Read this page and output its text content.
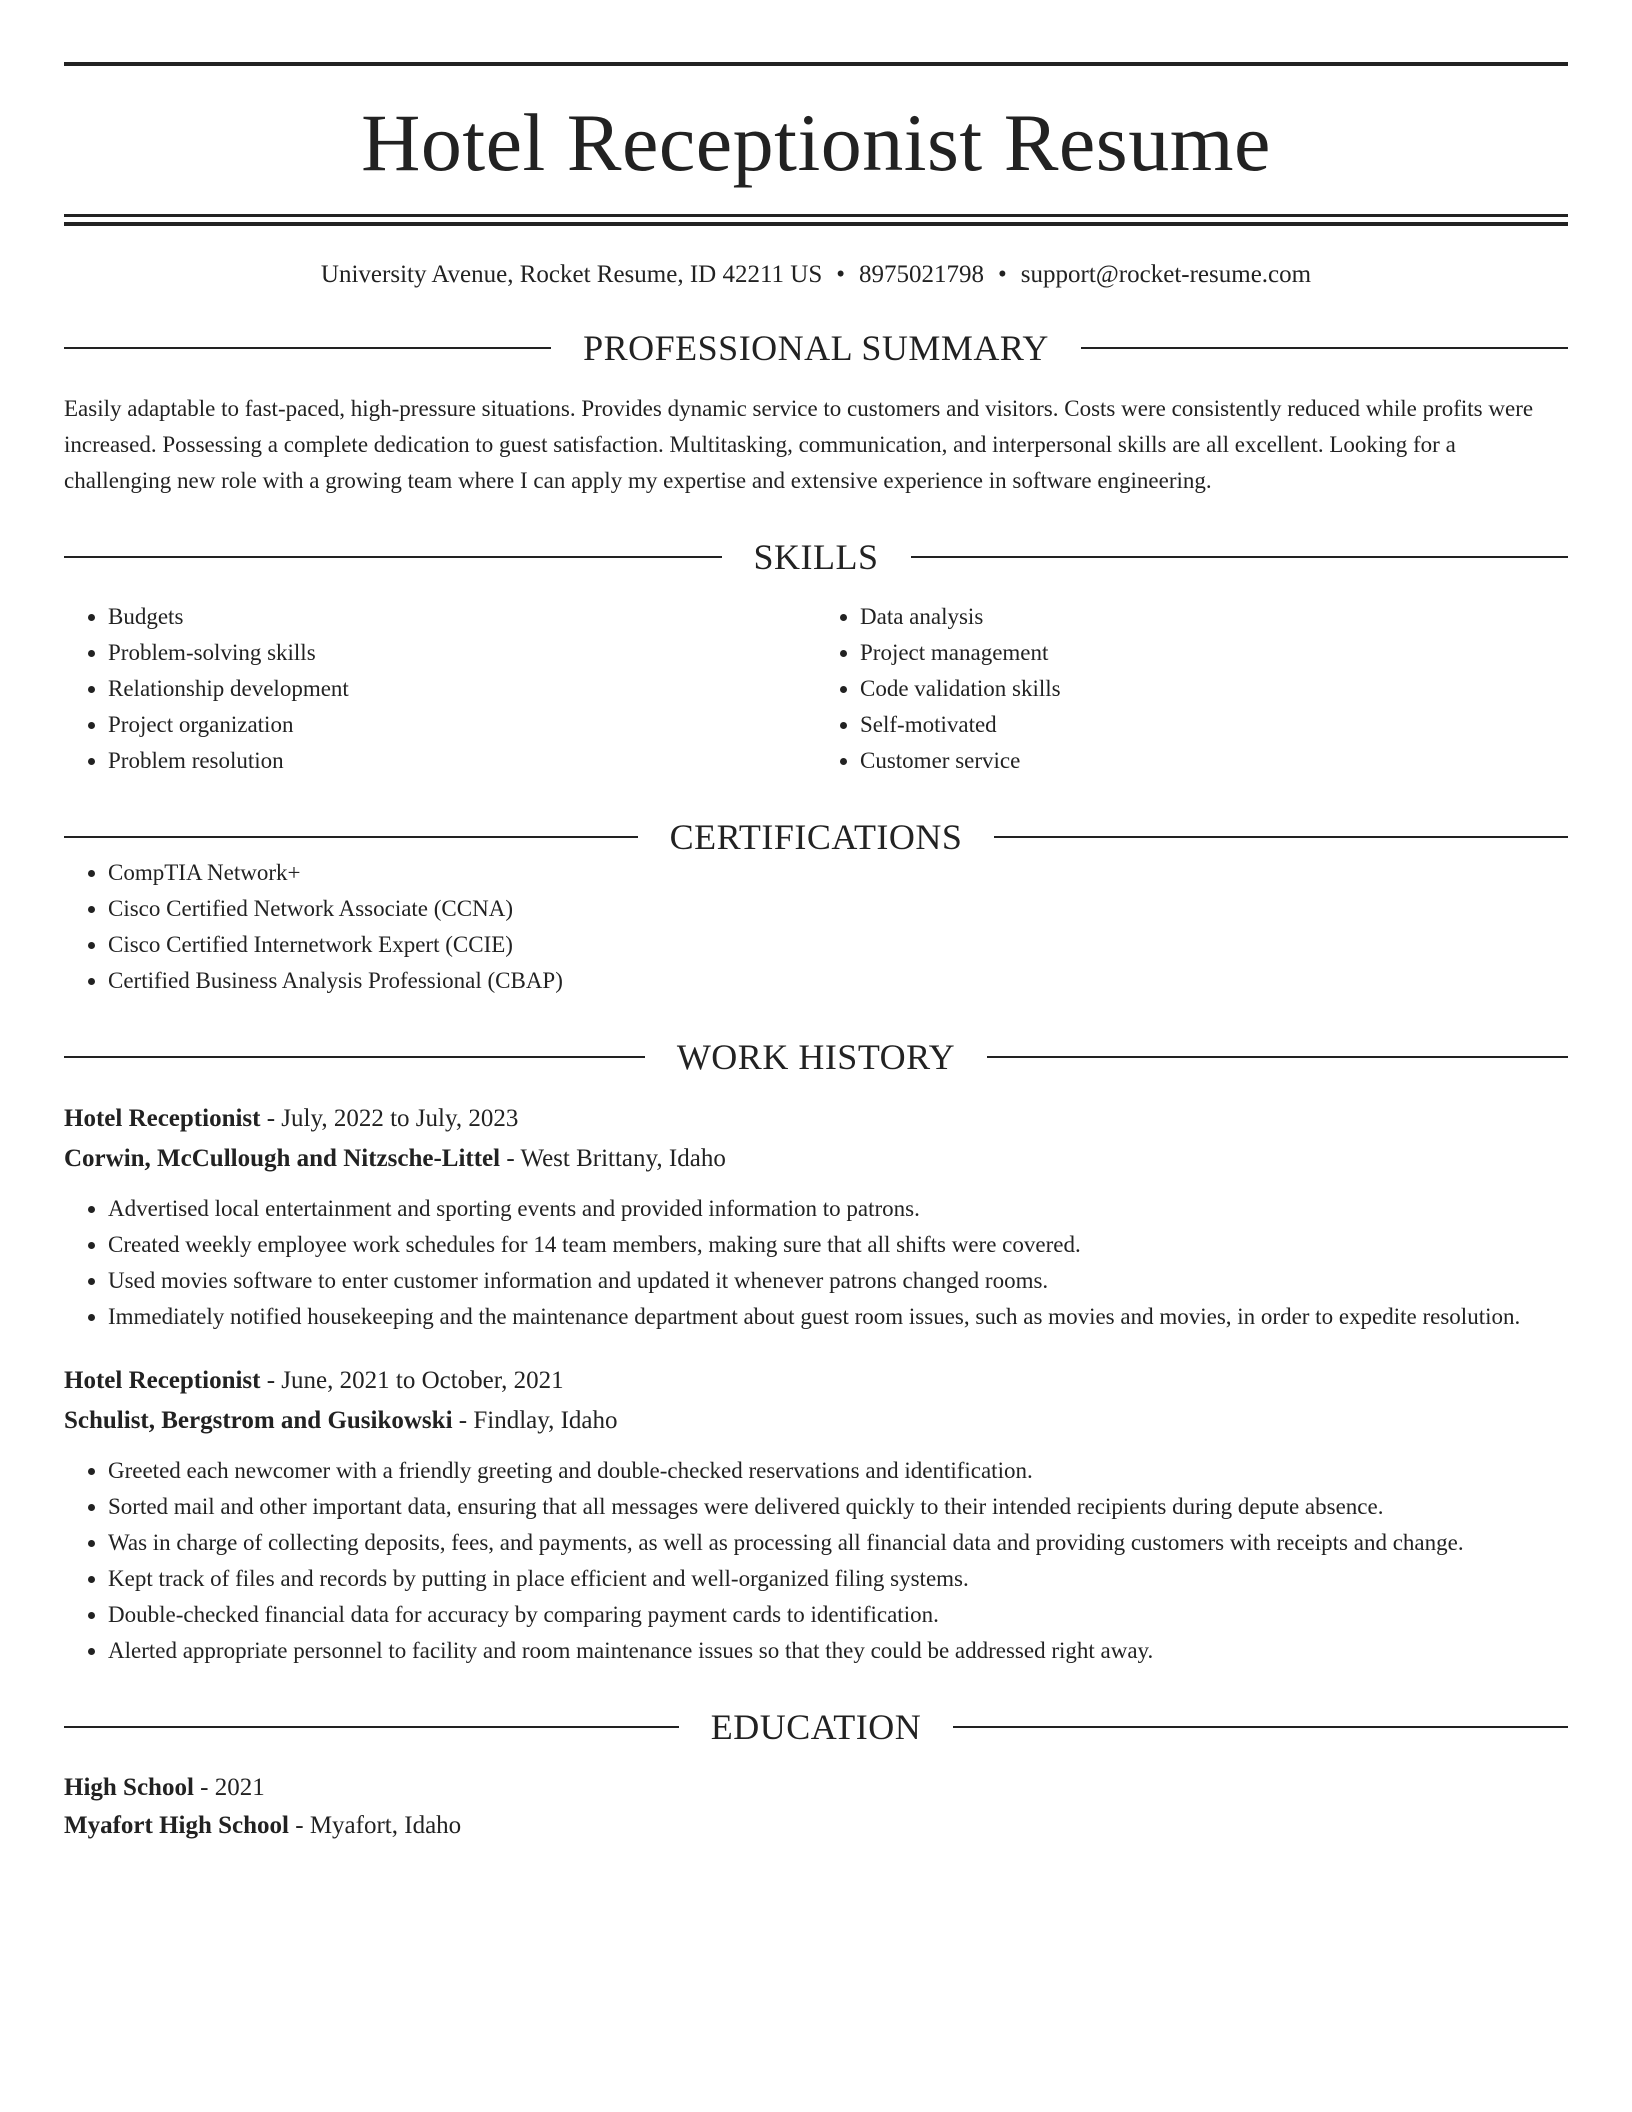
Hotel Receptionist Resume
University Avenue, Rocket Resume, ID 42211 US • 8975021798 • support@rocket-resume.com
PROFESSIONAL SUMMARY

Easily adaptable to fast-paced, high-pressure situations. Provides dynamic service to customers and visitors. Costs were consistently reduced while profits were increased. Possessing a complete dedication to guest satisfaction. Multitasking, communication, and interpersonal skills are all excellent. Looking for a challenging new role with a growing team where I can apply my expertise and extensive experience in software engineering.

SKILLS
• Budgets
• Problem-solving skills
• Relationship development
• Project organization
• Problem resolution
• Data analysis
• Project management
• Code validation skills
• Self-motivated
• Customer service
CERTIFICATIONS
• CompTIA Network+
• Cisco Certified Network Associate (CCNA)
• Cisco Certified Internetwork Expert (CCIE)
• Certified Business Analysis Professional (CBAP)
WORK HISTORY
Hotel Receptionist - July, 2022 to July, 2023
Corwin, McCullough and Nitzsche-Littel - West Brittany, Idaho
• Advertised local entertainment and sporting events and provided information to patrons.
• Created weekly employee work schedules for 14 team members, making sure that all shifts were covered.
• Used movies software to enter customer information and updated it whenever patrons changed rooms.
• Immediately notified housekeeping and the maintenance department about guest room issues, such as movies and movies, in order to expedite resolution.
Hotel Receptionist - June, 2021 to October, 2021
Schulist, Bergstrom and Gusikowski - Findlay, Idaho
• Greeted each newcomer with a friendly greeting and double-checked reservations and identification.
• Sorted mail and other important data, ensuring that all messages were delivered quickly to their intended recipients during depute absence.
• Was in charge of collecting deposits, fees, and payments, as well as processing all financial data and providing customers with receipts and change.
• Kept track of files and records by putting in place efficient and well-organized filing systems.
• Double-checked financial data for accuracy by comparing payment cards to identification.
• Alerted appropriate personnel to facility and room maintenance issues so that they could be addressed right away.
EDUCATION
High School - 2021
Myafort High School - Myafort, Idaho
